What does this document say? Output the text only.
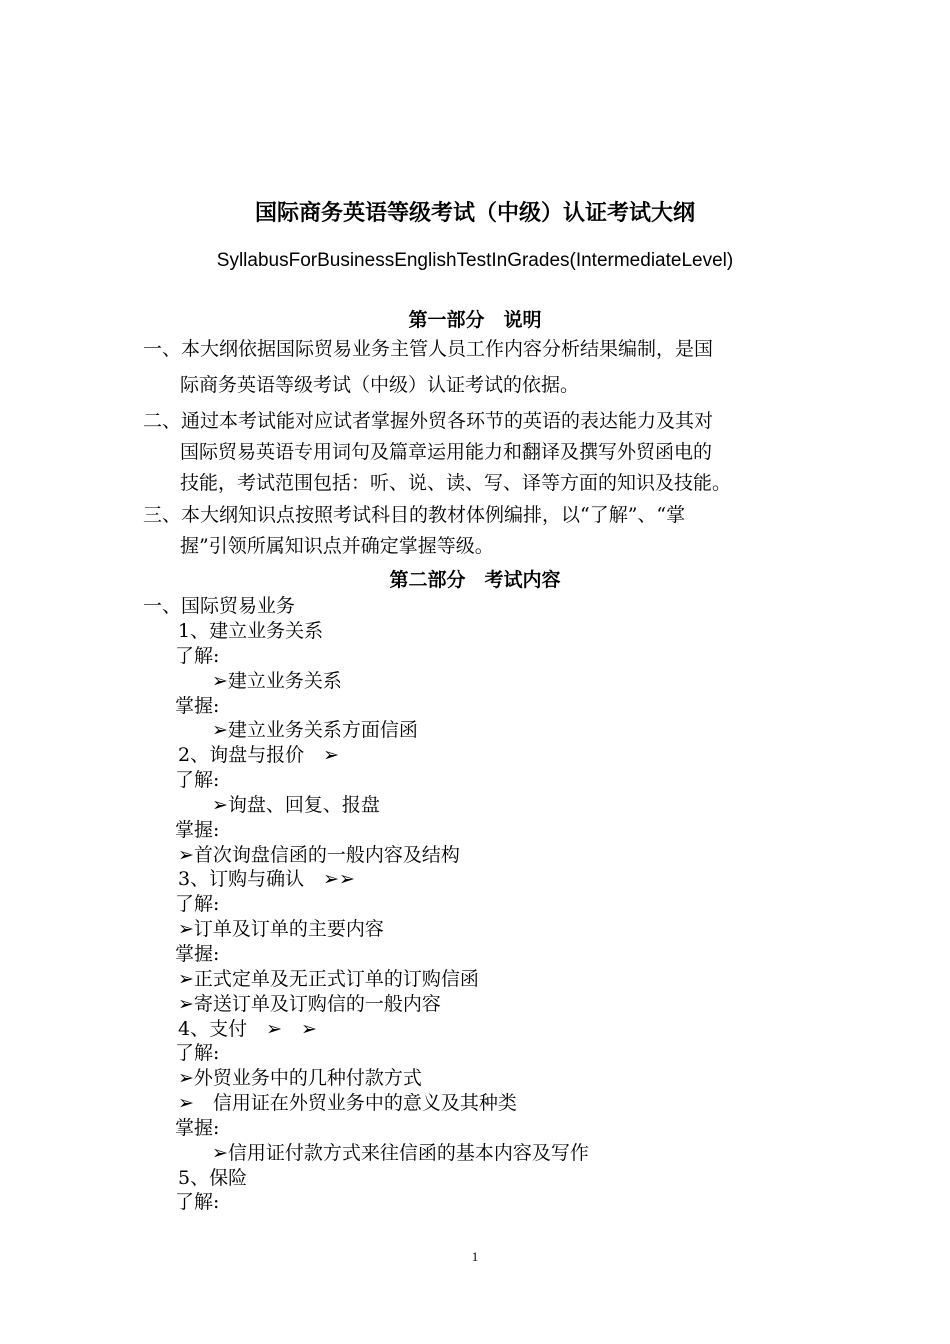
国际商务英语等级考试（中级）认证考试大纲
SyllabusForBusinessEnglishTestInGrades(IntermediateLevel)
第一部分　说明
一、本大纲依据国际贸易业务主管人员工作内容分析结果编制，是国
际商务英语等级考试（中级）认证考试的依据。
二、通过本考试能对应试者掌握外贸各环节的英语的表达能力及其对
国际贸易英语专用词句及篇章运用能力和翻译及撰写外贸函电的
技能，考试范围包括：听、说、读、写、译等方面的知识及技能。
三、本大纲知识点按照考试科目的教材体例编排，以“了解”、“掌
握”引领所属知识点并确定掌握等级。
第二部分　考试内容
一、国际贸易业务
1、建立业务关系
了解:
➢建立业务关系
掌握:
➢建立业务关系方面信函
2、询盘与报价　➢
了解:
➢询盘、回复、报盘
掌握:
➢首次询盘信函的一般内容及结构
3、订购与确认　➢➢
了解:
➢订单及订单的主要内容
掌握:
➢正式定单及无正式订单的订购信函
➢寄送订单及订购信的一般内容
4、支付　➢　➢
了解:
➢外贸业务中的几种付款方式
➢　信用证在外贸业务中的意义及其种类
掌握:
➢信用证付款方式来往信函的基本内容及写作
5、保险
了解:
1
